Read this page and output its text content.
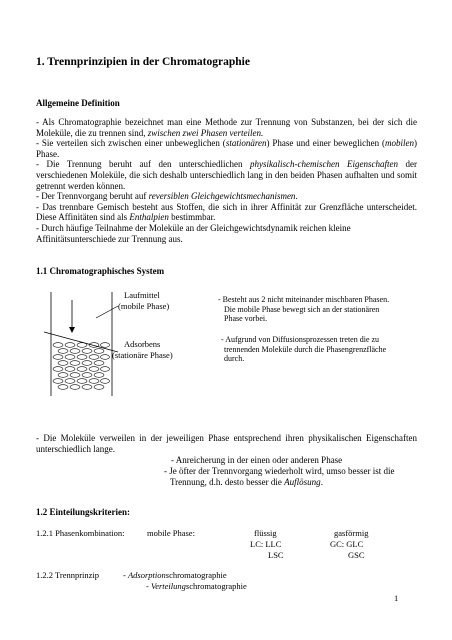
1. Trennprinzipien in der Chromatographie
Allgemeine Definition

- Als Chromatographie bezeichnet man eine Methode zur Trennung von Substanzen, bei der sich die Moleküle, die zu trennen sind, zwischen zwei Phasen verteilen.

- Sie verteilen sich zwischen einer unbeweglichen (stationären) Phase und einer beweglichen (mobilen) Phase.

- Die Trennung beruht auf den unterschiedlichen physikalisch-chemischen Eigenschaften der verschiedenen Moleküle, die sich deshalb unterschiedlich lang in den beiden Phasen aufhalten und somit getrennt werden können.

- Der Trennvorgang beruht auf reversiblen Gleichgewichtsmechanismen.

- Das trennbare Gemisch besteht aus Stoffen, die sich in ihrer Affinität zur Grenzfläche unterscheidet. Diese Affinitäten sind als Enthalpien bestimmbar.

- Durch häufige Teilnahme der Moleküle an der Gleichgewichtsdynamik reichen kleine Affinitätsunterschiede zur Trennung aus.

1.1 Chromatographisches System
Laufmittel
(mobile Phase)
Adsorbens
(stationäre Phase)
- Besteht aus 2 nicht miteinander mischbaren Phasen.
Die mobile Phase bewegt sich an der stationären
Phase vorbei.
- Aufgrund von Diffusionsprozessen treten die zu
trennenden Moleküle durch die Phasengrenzfläche
durch.

- Die Moleküle verweilen in der jeweiligen Phase entsprechend ihren physikalischen Eigenschaften unterschiedlich lange.

- Anreicherung in der einen oder anderen Phase
- Je öfter der Trennvorgang wiederholt wird, umso besser ist die
Trennung, d.h. desto besser die Auflösung.
1.2 Einteilungskriterien:
1.2.1 Phasenkombination:	mobile Phase:	flüssig	gasförmig
LC: LLC	GC: GLC
LSC	GSC
1.2.2 Trennprinzip	- Adsorptionschromatographie
- Verteilungschromatographie
1
